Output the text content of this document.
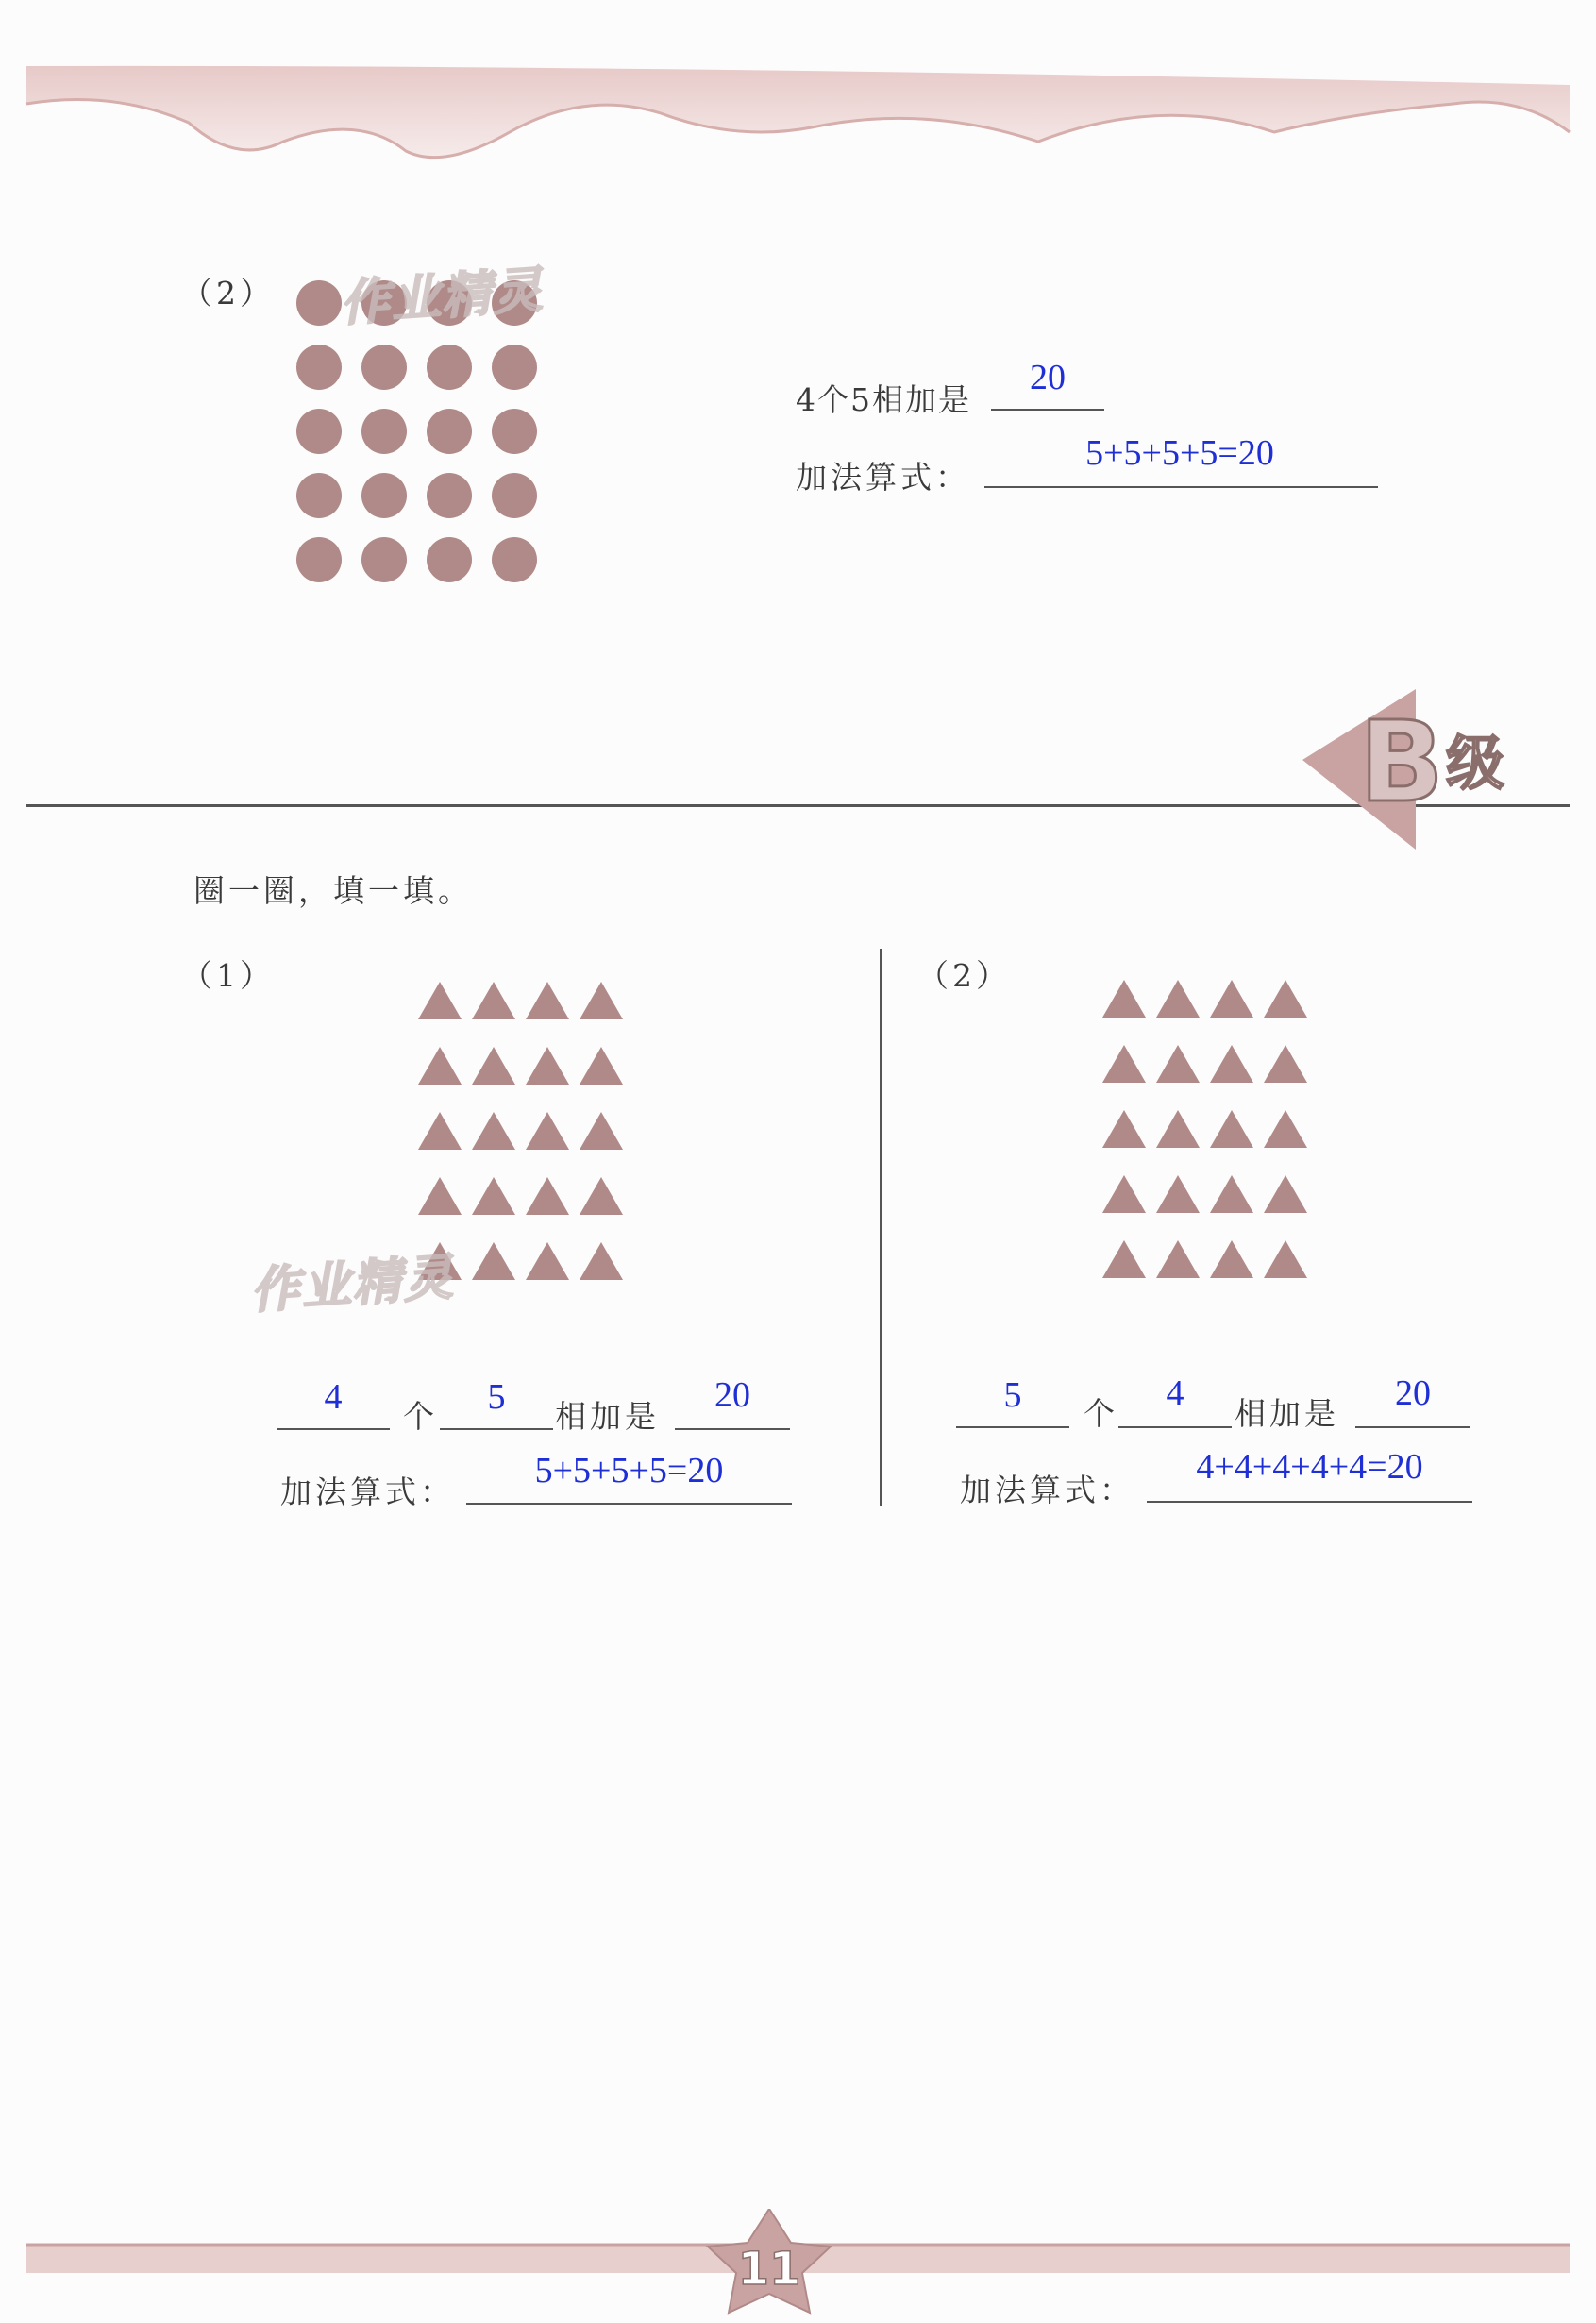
（2） 作业精灵
4个5相加是
20
加法算式：
5+5+5+5=20
B 级
圈一圈，填一填。
（1）
作业精灵
4	个	5	相加是
20
加法算式：
5+5+5+5=20
（2）
5	个
4
相加是
20
加法算式：
4+4+4+4+4=20
11
